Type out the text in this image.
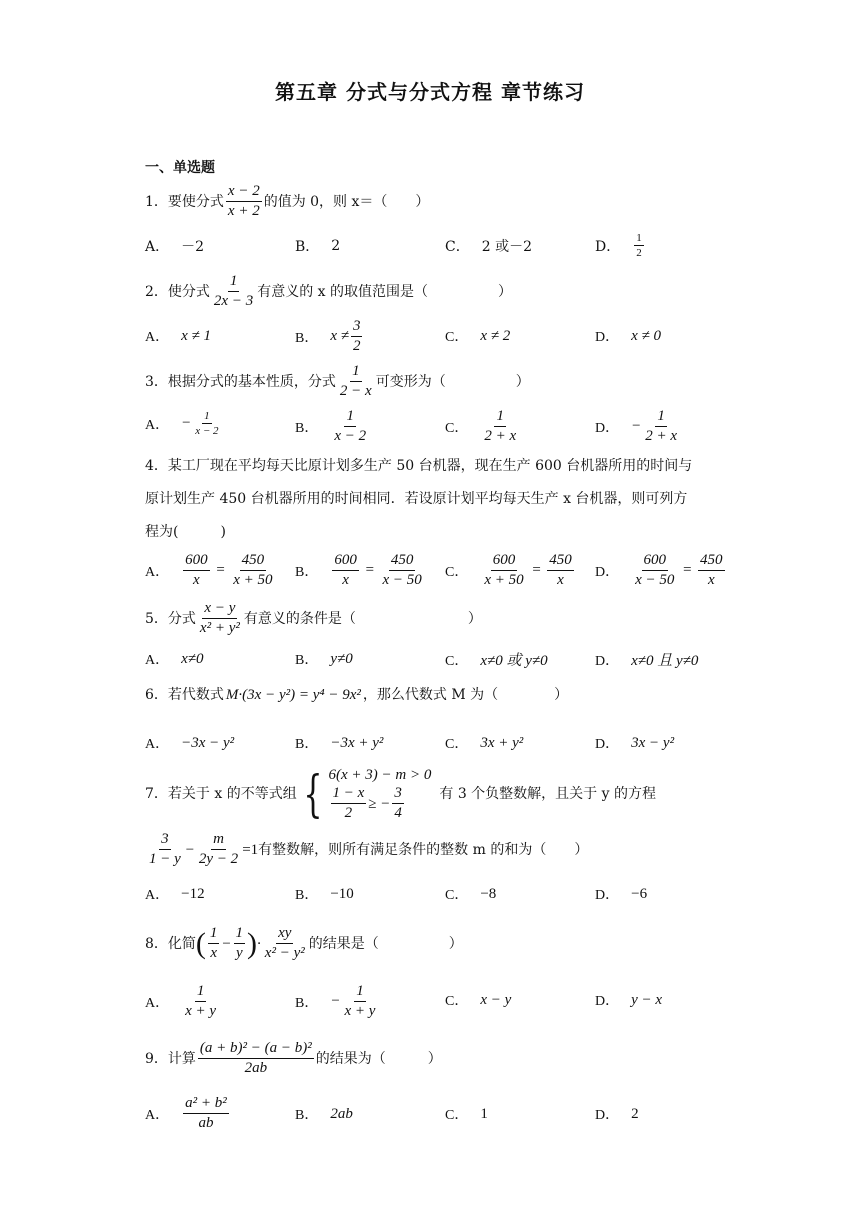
第五章 分式与分式方程 章节练习
一、单选题
1．要使分式 $\frac{x - 2}{x + 2}$ 的值为 0，则 x＝（　　）
A． －2	B． 2	C． 2 或－2	D． $\frac{1}{2}$
2．使分式 $\frac{1}{2x - 3}$ 有意义的 x 的取值范围是（　　　　　）
A． x ≠ 1	B． $x \ne \frac{3}{2}$	C． x ≠ 2	D． x ≠ 0
3．根据分式的基本性质，分式 $\frac{1}{2 - x}$ 可变形为（　　　　　）
A． − $\frac{1}{x - 2}$	B． $\frac{1}{x - 2}$	C． $\frac{1}{2 + x}$	D． − $\frac{1}{2 + x}$
4．某工厂现在平均每天比原计划多生产 50 台机器，现在生产 600 台机器所用的时间与
原计划生产 450 台机器所用的时间相同．若设原计划平均每天生产 x 台机器，则可列方
程为(　　　)
A． $\frac{600}{x} = \frac{450}{x + 50}$ B． $\frac{600}{x} = \frac{450}{x - 50}$ C． $\frac{600}{x + 50} = \frac{450}{x}$ D． $\frac{600}{x - 50} = \frac{450}{x}$
5．分式 $\frac{x - y}{\text{x² + y²}}$ 有意义的条件是（　　　　　　　　）
A． x≠0	B． y≠0	C． x≠0 或 y≠0	D． x≠0 且 y≠0
6．若代数式 M·(3x − y²) = y⁴ − 9x² ，那么代数式 M 为（　　　　）
A． −3x − y²	B． −3x + y²	C． 3x + y²	D． 3x − y²
7．若关于 x 的不等式组 { 6(x + 3) − m > 0
$\frac{1 - x}{2}$ ≥ − $\frac{3}{4}$	有 3 个负整数解，且关于 y 的方程
$\frac{3}{1 - y} - \frac{m}{2y - 2} =1$ 有整数解，则所有满足条件的整数 m 的和为（　　）
A． −12	B． −10	C． −8	D． −6
8．化简 ( $\frac{1}{x} - \frac{1}{y}$ ) · $\frac{xy}{\text{x² − y²}}$ 的结果是（　　　　　）
A． $\frac{1}{x + y}$	B． − $\frac{1}{x + y}$	C． x − y	D． y − x
9．计算 $\frac{\text{(a + b)² − (a − b)²}}{2ab}$ 的结果为（　　　）
A． $\frac{\text{a² + b²}}{ab}$	B． 2ab	C． 1	D． 2
